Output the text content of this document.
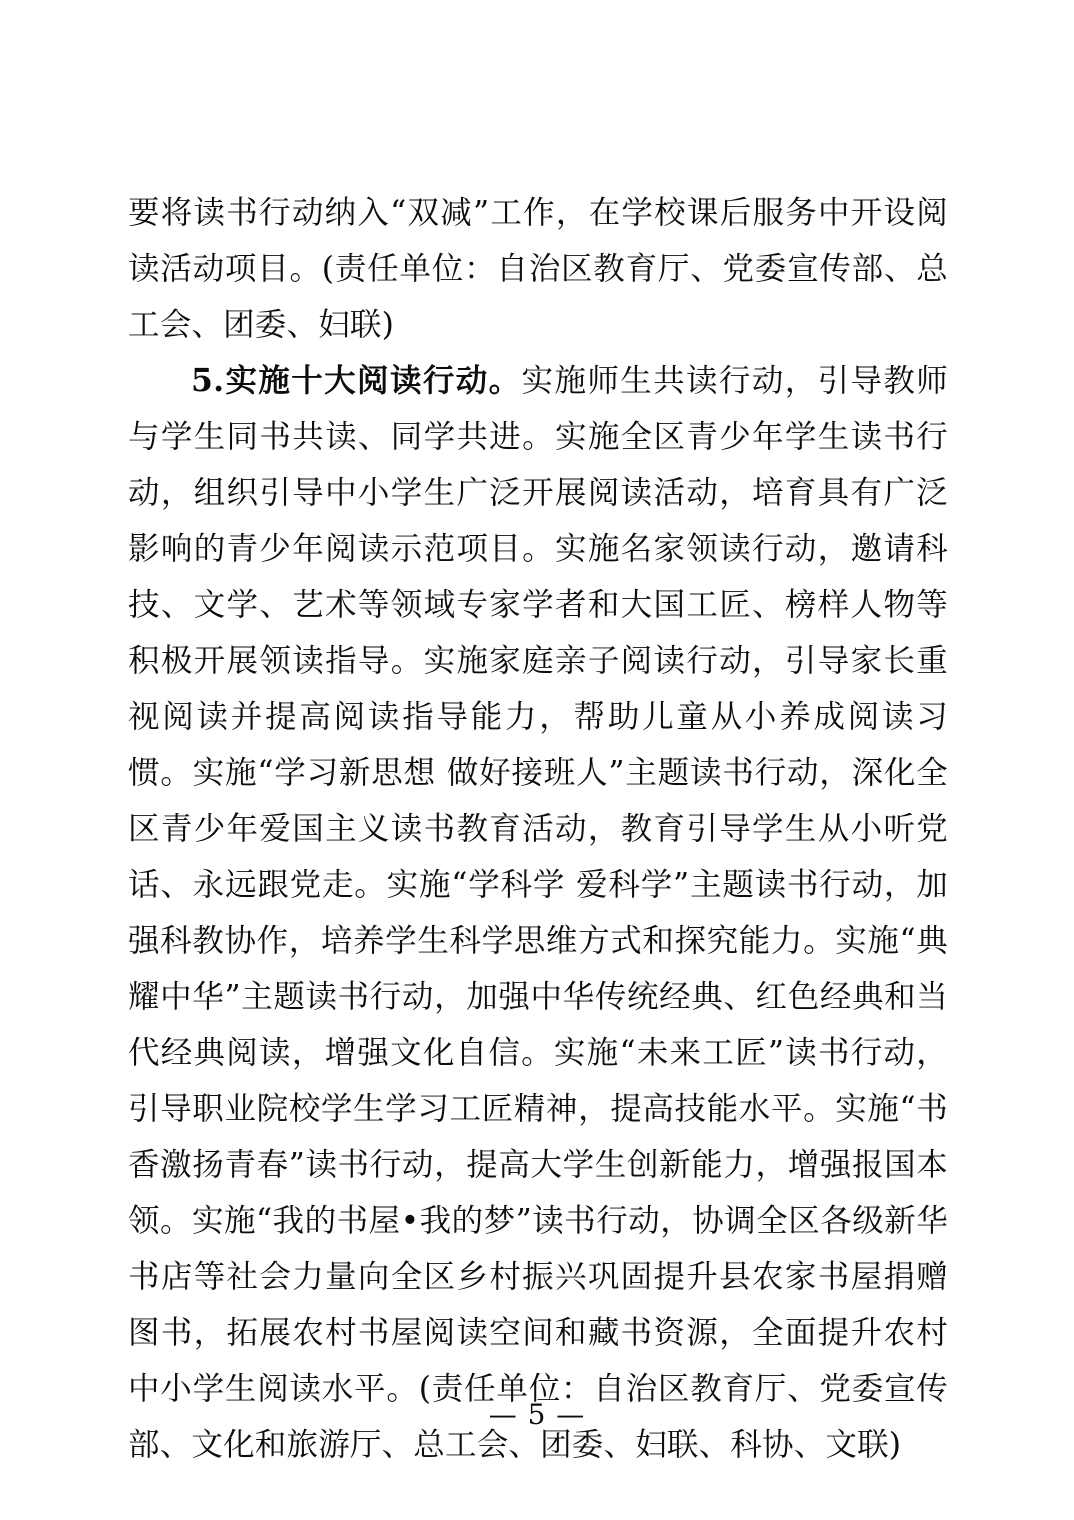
要将读书行动纳入“双减”工作，在学校课后服务中开设阅读活动项目。(责任单位：自治区教育厅、党委宣传部、总工会、团委、妇联)

5.实施十大阅读行动。实施师生共读行动，引导教师与学生同书共读、同学共进。实施全区青少年学生读书行动，组织引导中小学生广泛开展阅读活动，培育具有广泛影响的青少年阅读示范项目。实施名家领读行动，邀请科技、文学、艺术等领域专家学者和大国工匠、榜样人物等积极开展领读指导。实施家庭亲子阅读行动，引导家长重视阅读并提高阅读指导能力，帮助儿童从小养成阅读习惯。实施“学习新思想 做好接班人”主题读书行动，深化全区青少年爱国主义读书教育活动，教育引导学生从小听党话、永远跟党走。实施“学科学 爱科学”主题读书行动，加强科教协作，培养学生科学思维方式和探究能力。实施“典耀中华”主题读书行动，加强中华传统经典、红色经典和当代经典阅读，增强文化自信。实施“未来工匠”读书行动，引导职业院校学生学习工匠精神，提高技能水平。实施“书香激扬青春”读书行动，提高大学生创新能力，增强报国本领。实施“我的书屋•我的梦”读书行动，协调全区各级新华书店等社会力量向全区乡村振兴巩固提升县农家书屋捐赠图书，拓展农村书屋阅读空间和藏书资源，全面提升农村中小学生阅读水平。(责任单位：自治区教育厅、党委宣传部、文化和旅游厅、总工会、团委、妇联、科协、文联)

— 5 —
